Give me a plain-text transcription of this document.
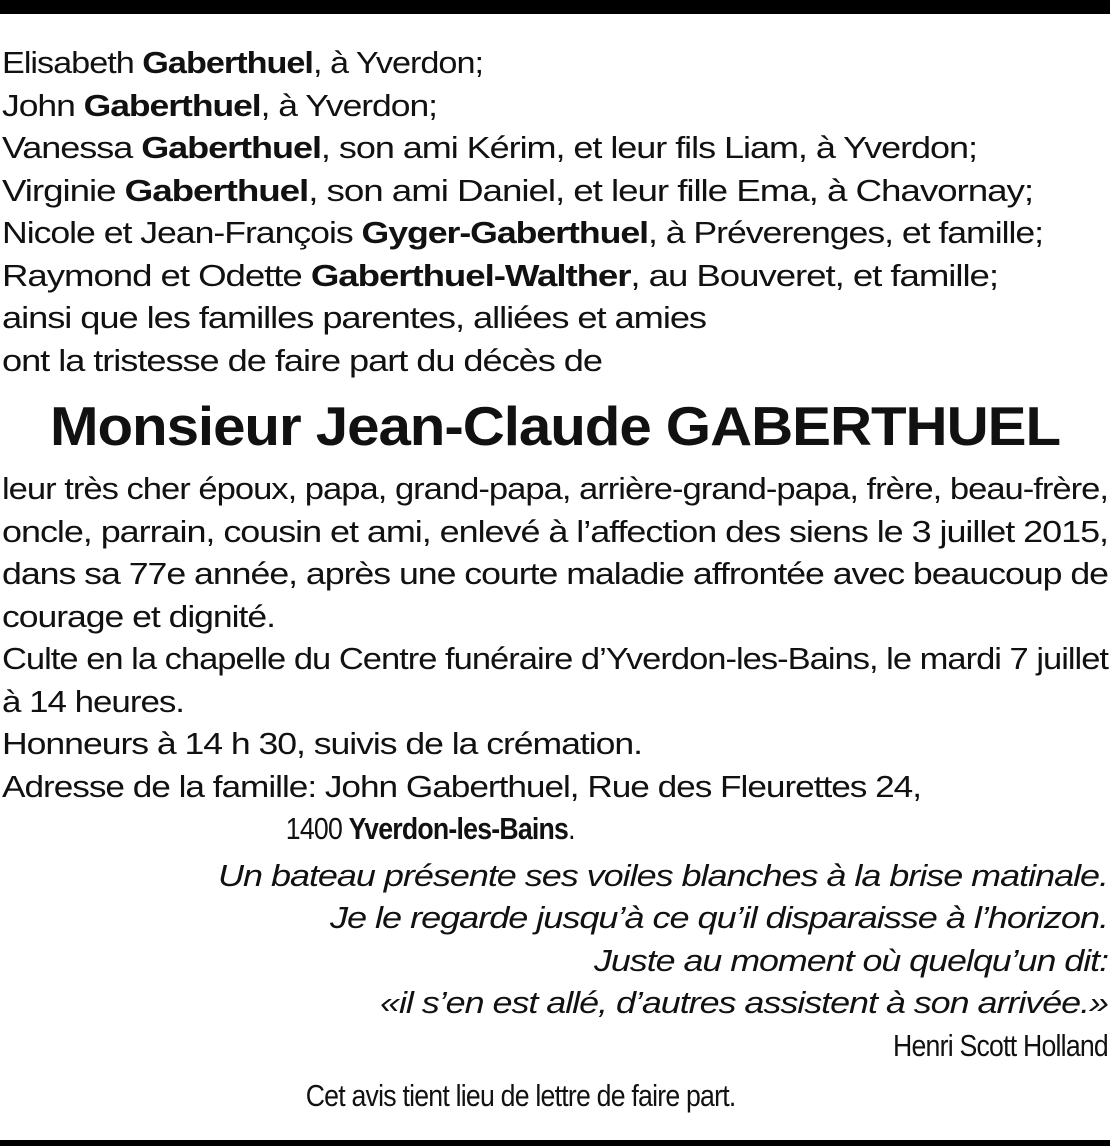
Elisabeth Gaberthuel, à Yverdon;
John Gaberthuel, à Yverdon;
Vanessa Gaberthuel, son ami Kérim, et leur fils Liam, à Yverdon;
Virginie Gaberthuel, son ami Daniel, et leur fille Ema, à Chavornay;
Nicole et Jean-François Gyger-Gaberthuel, à Préverenges, et famille;
Raymond et Odette Gaberthuel-Walther, au Bouveret, et famille;
ainsi que les familles parentes, alliées et amies
ont la tristesse de faire part du décès de
Monsieur Jean-Claude GABERTHUEL
leur très cher époux, papa, grand-papa, arrière-grand-papa, frère, beau-frère,
oncle, parrain, cousin et ami, enlevé à l’affection des siens le 3 juillet 2015,
dans sa 77e année, après une courte maladie affrontée avec beaucoup de
courage et dignité.
Culte en la chapelle du Centre funéraire d’Yverdon-les-Bains, le mardi 7 juillet
à 14 heures.
Honneurs à 14 h 30, suivis de la crémation.
Adresse de la famille: John Gaberthuel, Rue des Fleurettes 24,
1400 Yverdon-les-Bains.
Un bateau présente ses voiles blanches à la brise matinale.
Je le regarde jusqu’à ce qu’il disparaisse à l’horizon.
Juste au moment où quelqu’un dit:
«il s’en est allé, d’autres assistent à son arrivée.»
Henri Scott Holland
Cet avis tient lieu de lettre de faire part.
